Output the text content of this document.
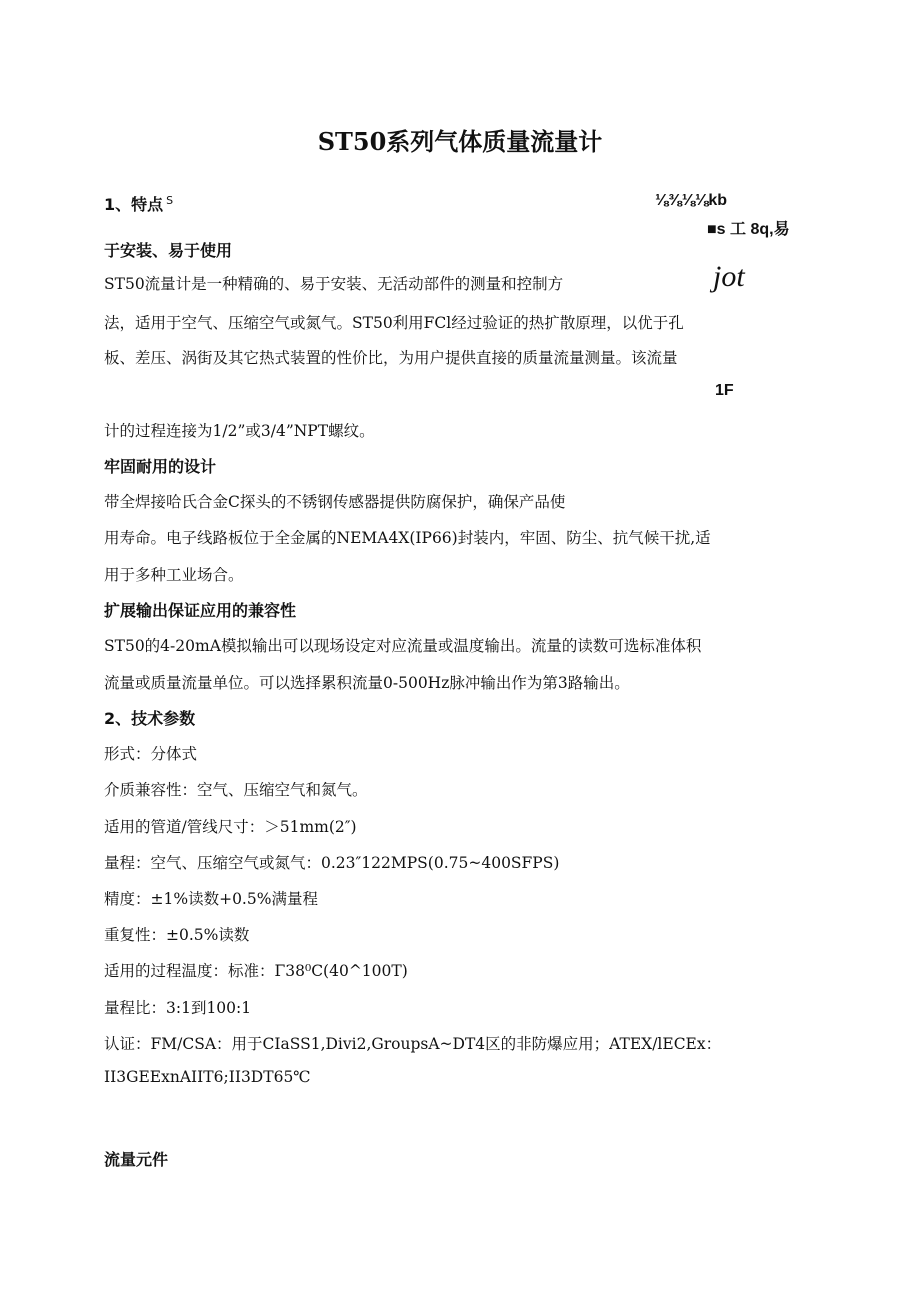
ST50系列气体质量流量计
1、特点 $^S$	⅛⅜⅛⅛kb
■s 工 8q,易
jot
1F
于安装、易于使用
ST50流量计是一种精确的、易于安装、无活动部件的测量和控制方
法，适用于空气、压缩空气或氮气。ST50利用FCl经过验证的热扩散原理，以优于孔
板、差压、涡街及其它热式装置的性价比，为用户提供直接的质量流量测量。该流量
计的过程连接为1/2”或3/4”NPT螺纹。
牢固耐用的设计
带全焊接哈氏合金C探头的不锈钢传感器提供防腐保护，确保产品使
用寿命。电子线路板位于全金属的NEMA4X(IP66)封装内，牢固、防尘、抗气候干扰,适
用于多种工业场合。
扩展输出保证应用的兼容性
ST50的4-20mA模拟输出可以现场设定对应流量或温度输出。流量的读数可选标准体积
流量或质量流量单位。可以选择累积流量0-500Hz脉冲输出作为第3路输出。
2、技术参数
形式：分体式
介质兼容性：空气、压缩空气和氮气。
适用的管道/管线尺寸：＞51mm(2″)
量程：空气、压缩空气或氮气：0.23″122MPS(0.75~400SFPS)
精度：±1%读数+0.5%满量程
重复性：±0.5%读数
适用的过程温度：标准：Γ38⁰C(40^100T)
量程比：3:1到100:1
认证：FM/CSA：用于CIaSS1,Divi2,GroupsA~DT4区的非防爆应用；ATEX/lECEx：
II3GEExnAIIT6;II3DT65℃
流量元件
